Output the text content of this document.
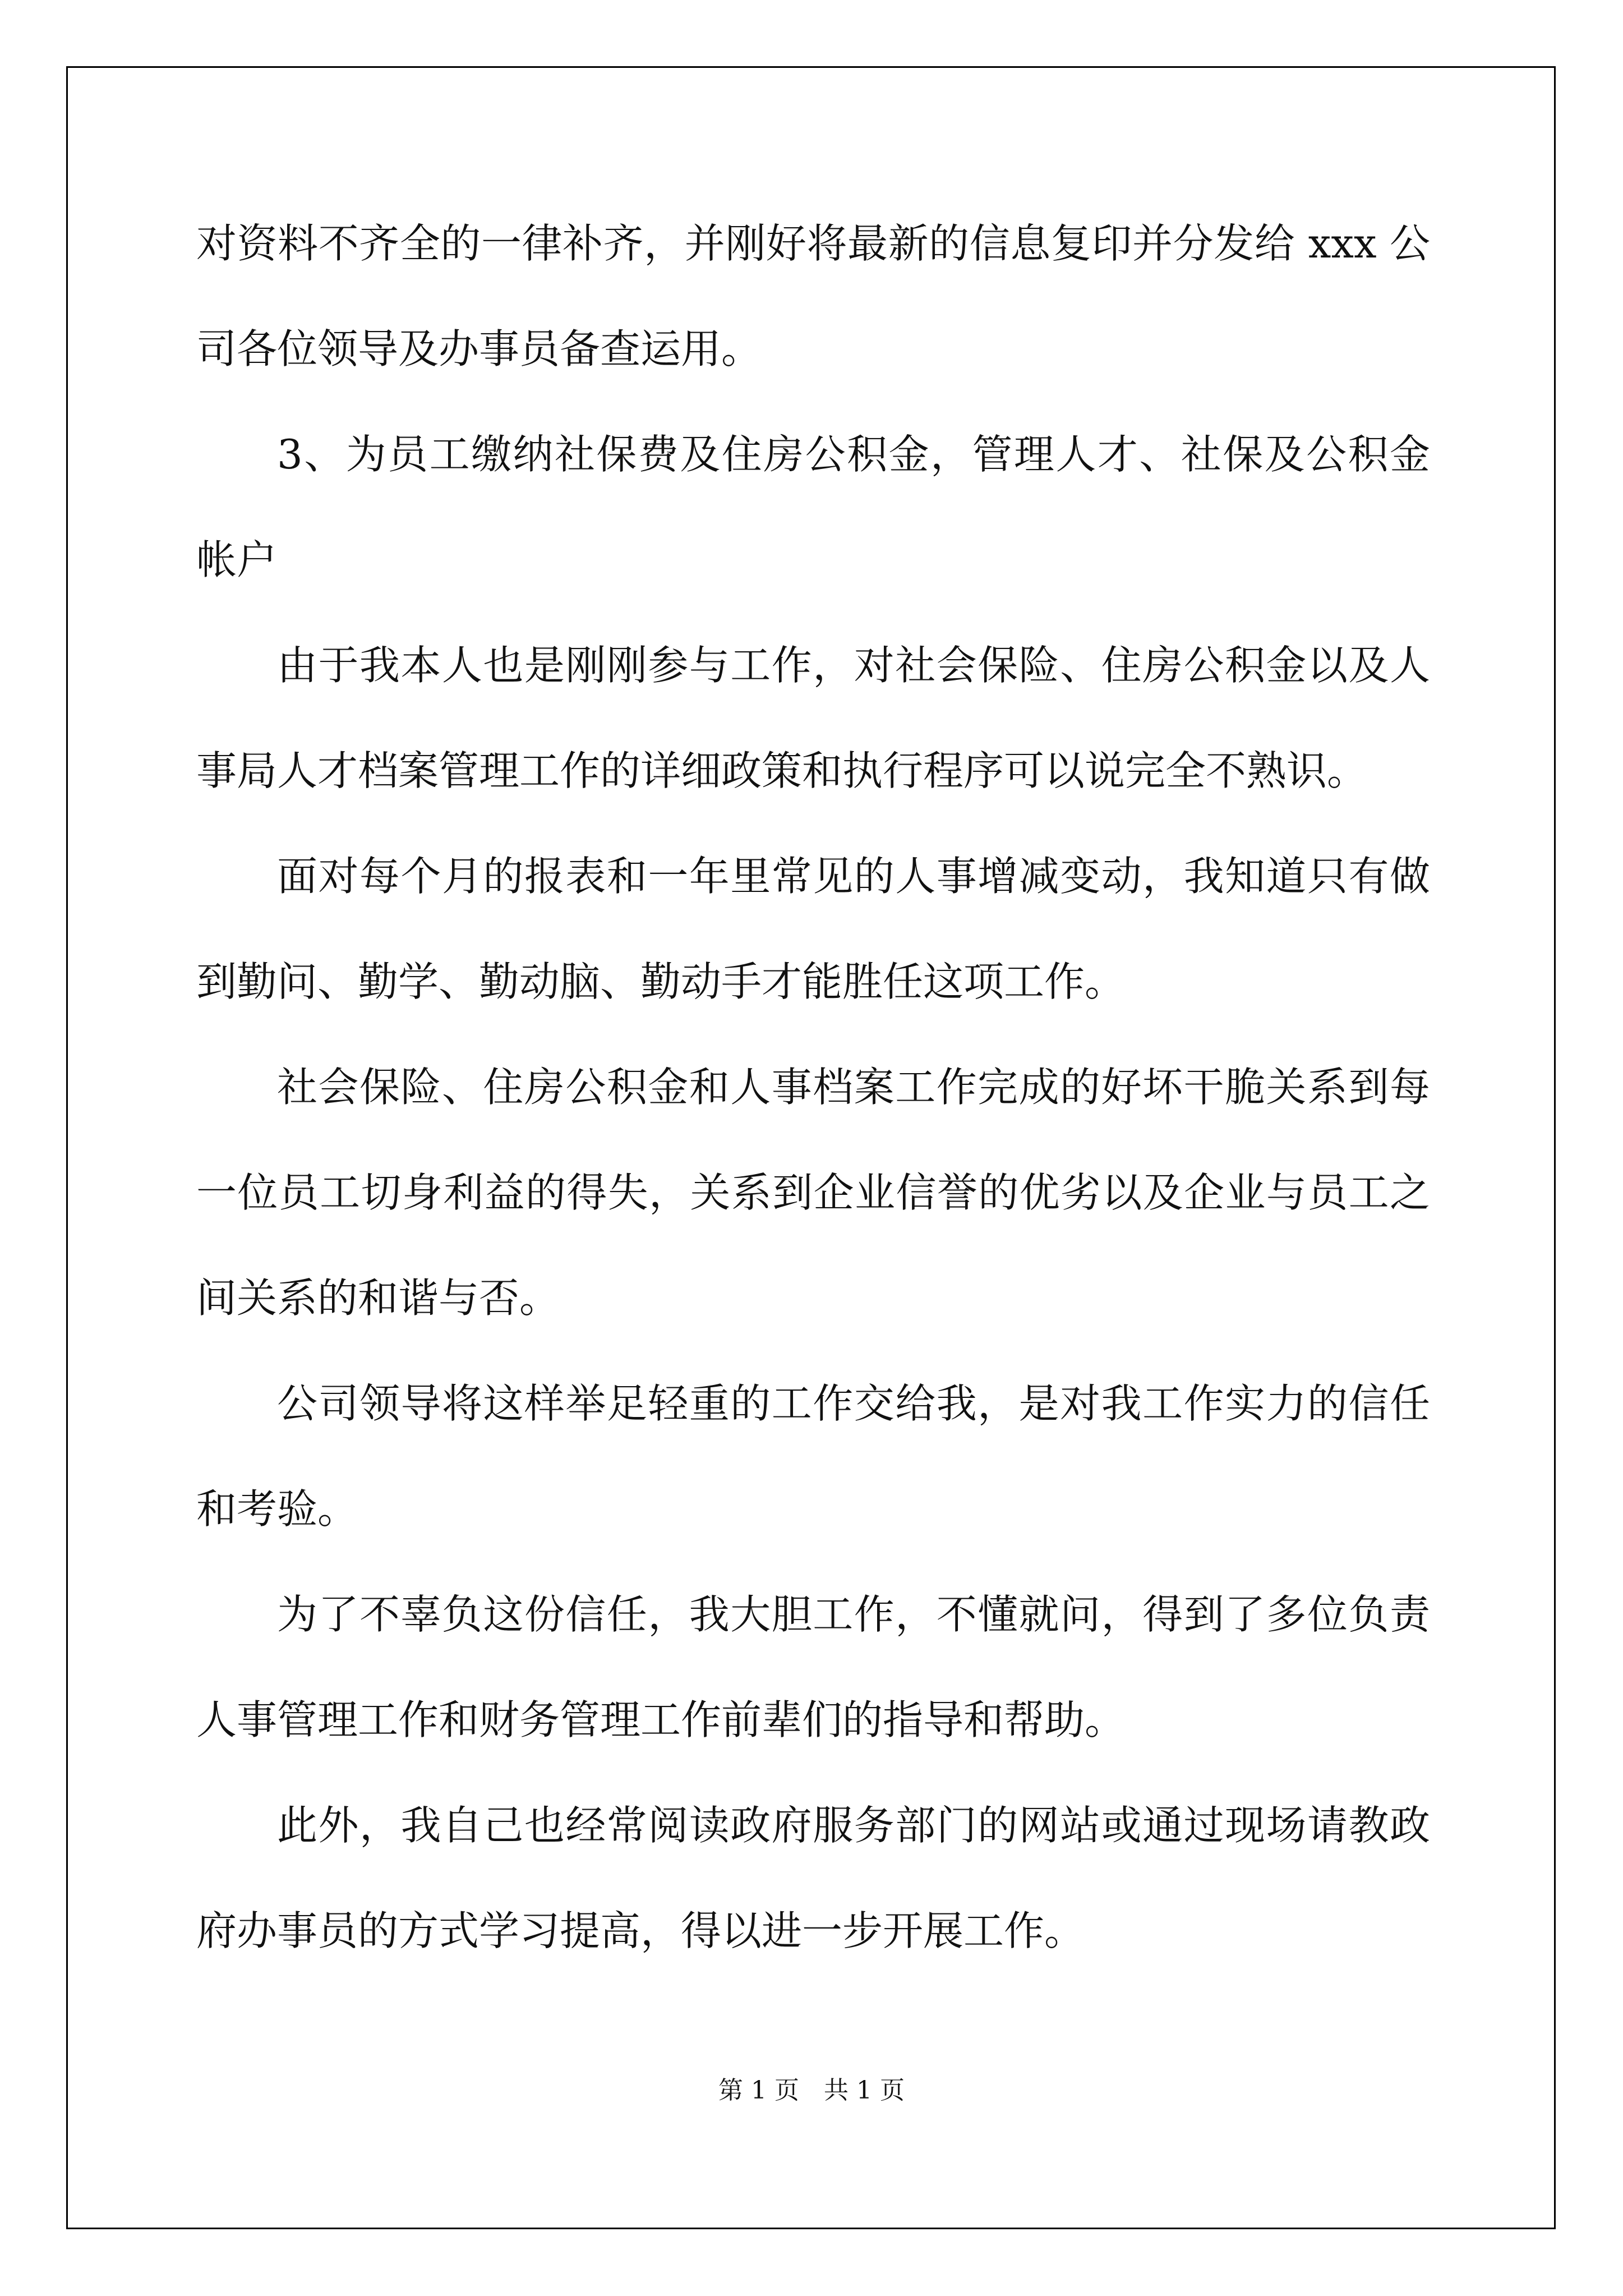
对资料不齐全的一律补齐，并刚好将最新的信息复印并分发给 xxx 公司各位领导及办事员备查运用。

3、为员工缴纳社保费及住房公积金，管理人才、社保及公积金帐户

由于我本人也是刚刚参与工作，对社会保险、住房公积金以及人事局人才档案管理工作的详细政策和执行程序可以说完全不熟识。

面对每个月的报表和一年里常见的人事增减变动，我知道只有做到勤问、勤学、勤动脑、勤动手才能胜任这项工作。

社会保险、住房公积金和人事档案工作完成的好坏干脆关系到每一位员工切身利益的得失，关系到企业信誉的优劣以及企业与员工之间关系的和谐与否。

公司领导将这样举足轻重的工作交给我，是对我工作实力的信任和考验。

为了不辜负这份信任，我大胆工作，不懂就问，得到了多位负责人事管理工作和财务管理工作前辈们的指导和帮助。

此外，我自己也经常阅读政府服务部门的网站或通过现场请教政府办事员的方式学习提高，得以进一步开展工作。

第 1 页　共 1 页
